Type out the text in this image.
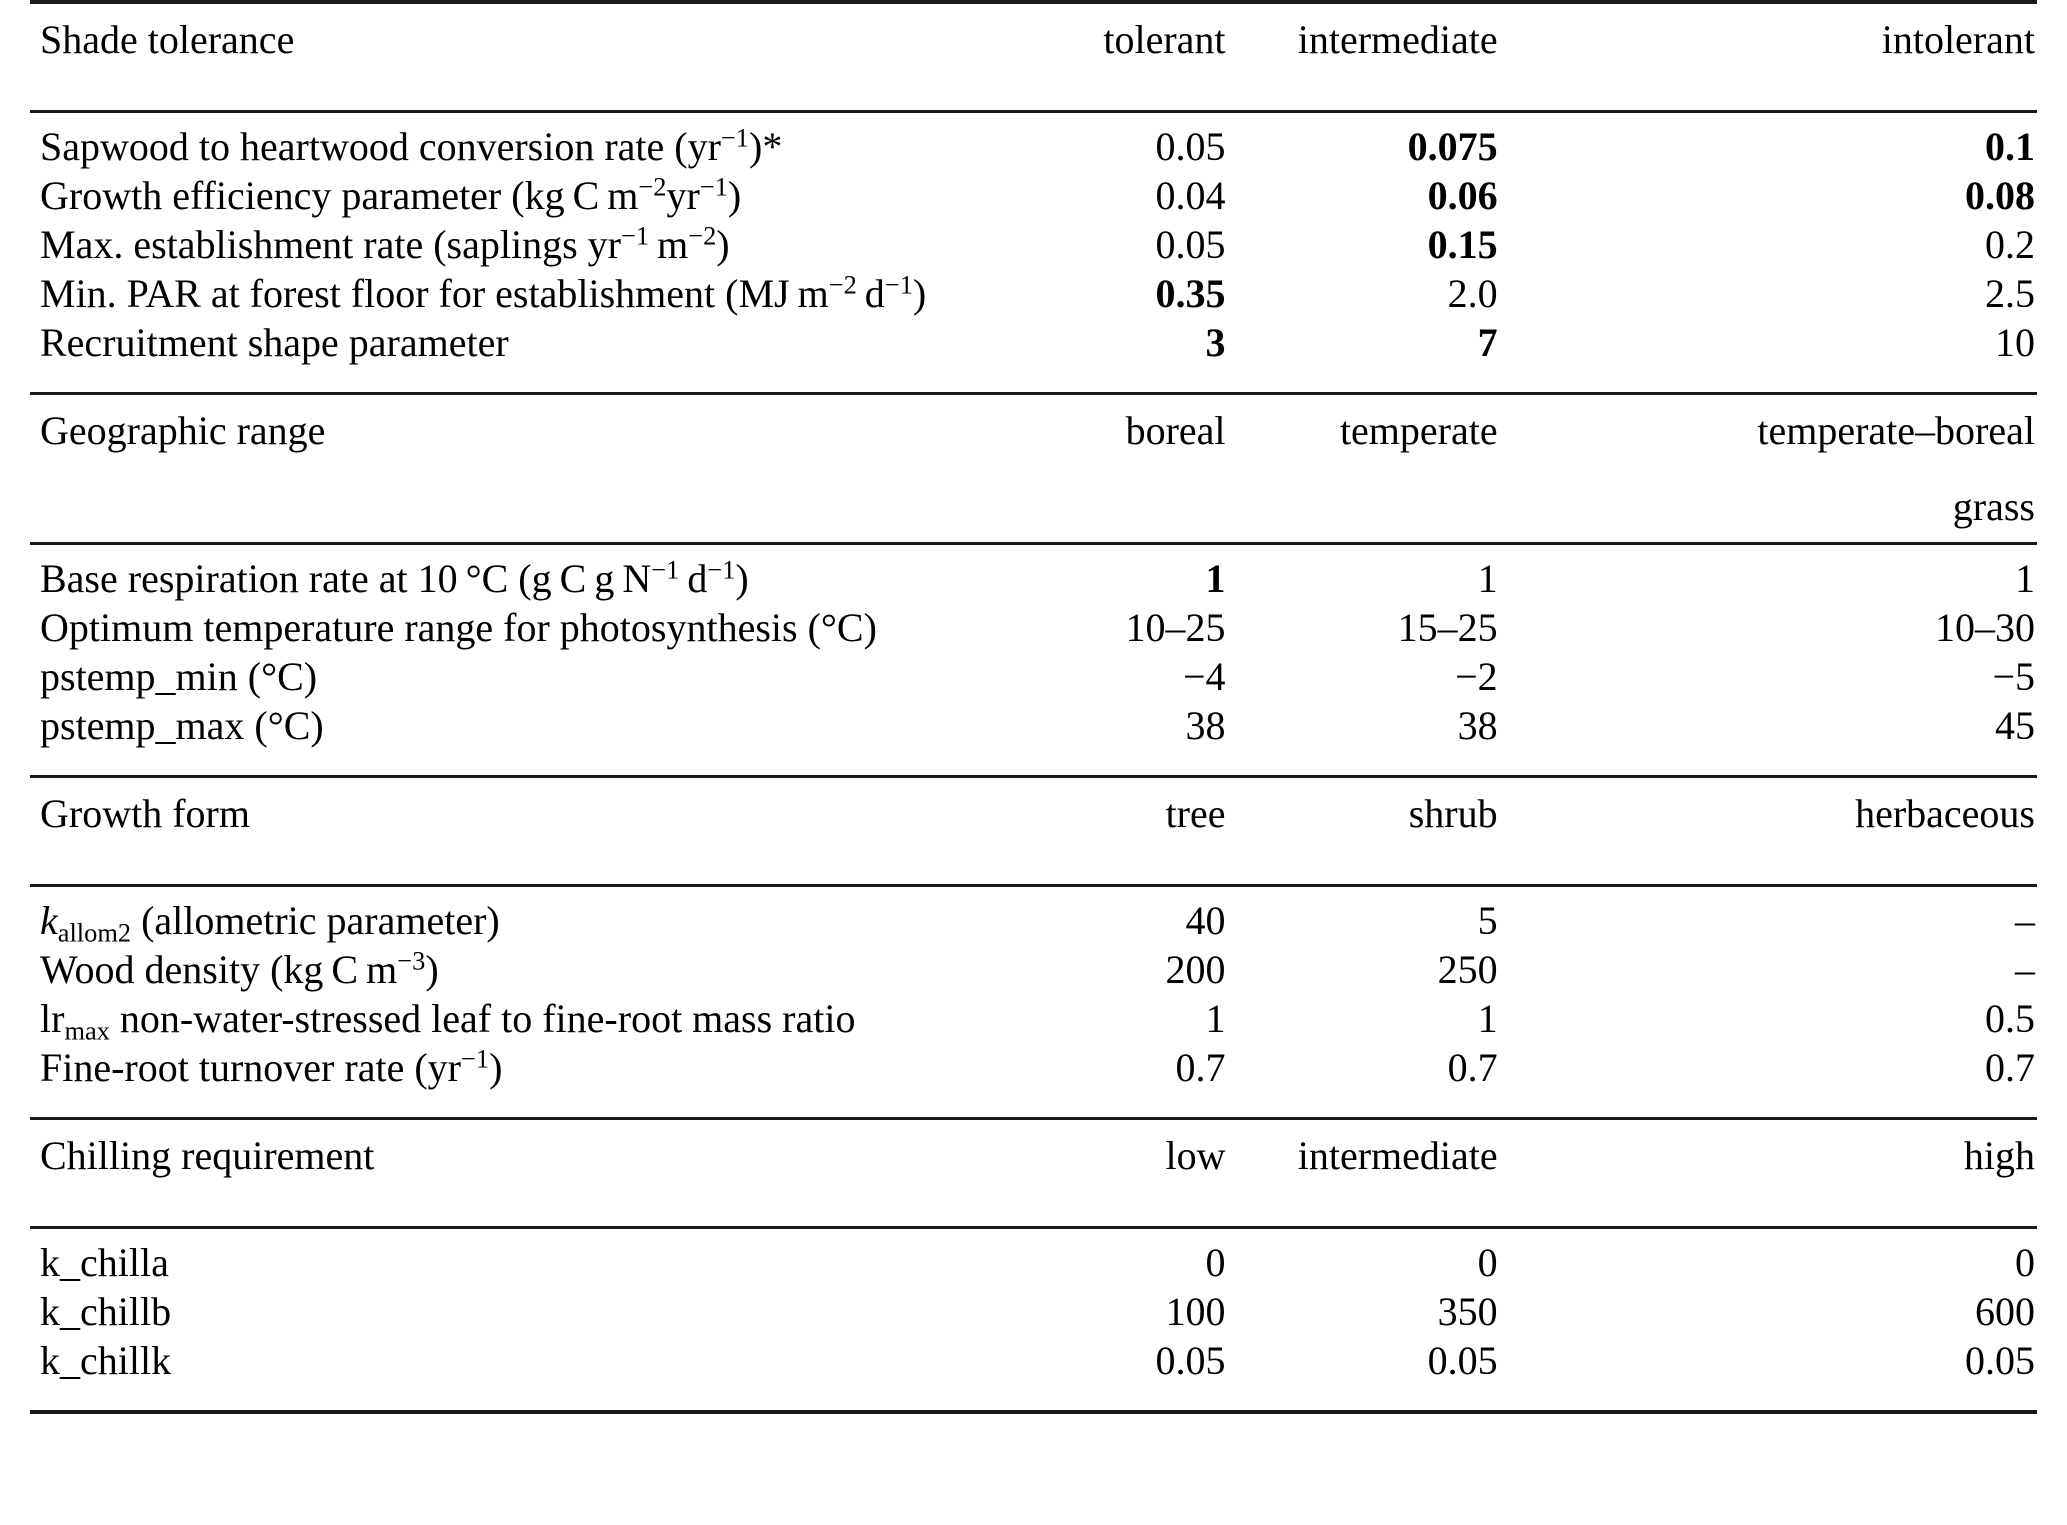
Shade tolerance	tolerant	intermediate	intolerant

Sapwood to heartwood conversion rate $(yr^{-1})*$	0.05	0.075	0.1
Growth efficiency parameter (kg C $m^{-2}yr^{-1}$)	0.04	0.06	0.08
Max. establishment rate (saplings $yr^{-1}$ $m^{-2}$)	0.05	0.15	0.2
Min. PAR at forest floor for establishment (MJ $m^{-2}$ $d^{-1}$)	0.35	2.0	2.5
Recruitment shape parameter	3	7	10

Geographic range	boreal	temperate	temperate–boreal
			grass

Base respiration rate at 10 °C (g C g $N^{-1}$ $d^{-1}$)	1	1	1
Optimum temperature range for photosynthesis (°C)	10–25	15–25	10–30
pstemp_min (°C)	−4	−2	−5
pstemp_max (°C)	38	38	45

Growth form	tree	shrub	herbaceous

$k_{allom2}$ (allometric parameter)	40	5	–
Wood density (kg C $m^{-3}$)	200	250	–
$lr_{max}$ non-water-stressed leaf to fine-root mass ratio	1	1	0.5
Fine-root turnover rate $(yr^{-1})$	0.7	0.7	0.7

Chilling requirement	low	intermediate	high

k_chilla	0	0	0
k_chillb	100	350	600
k_chillk	0.05	0.05	0.05
